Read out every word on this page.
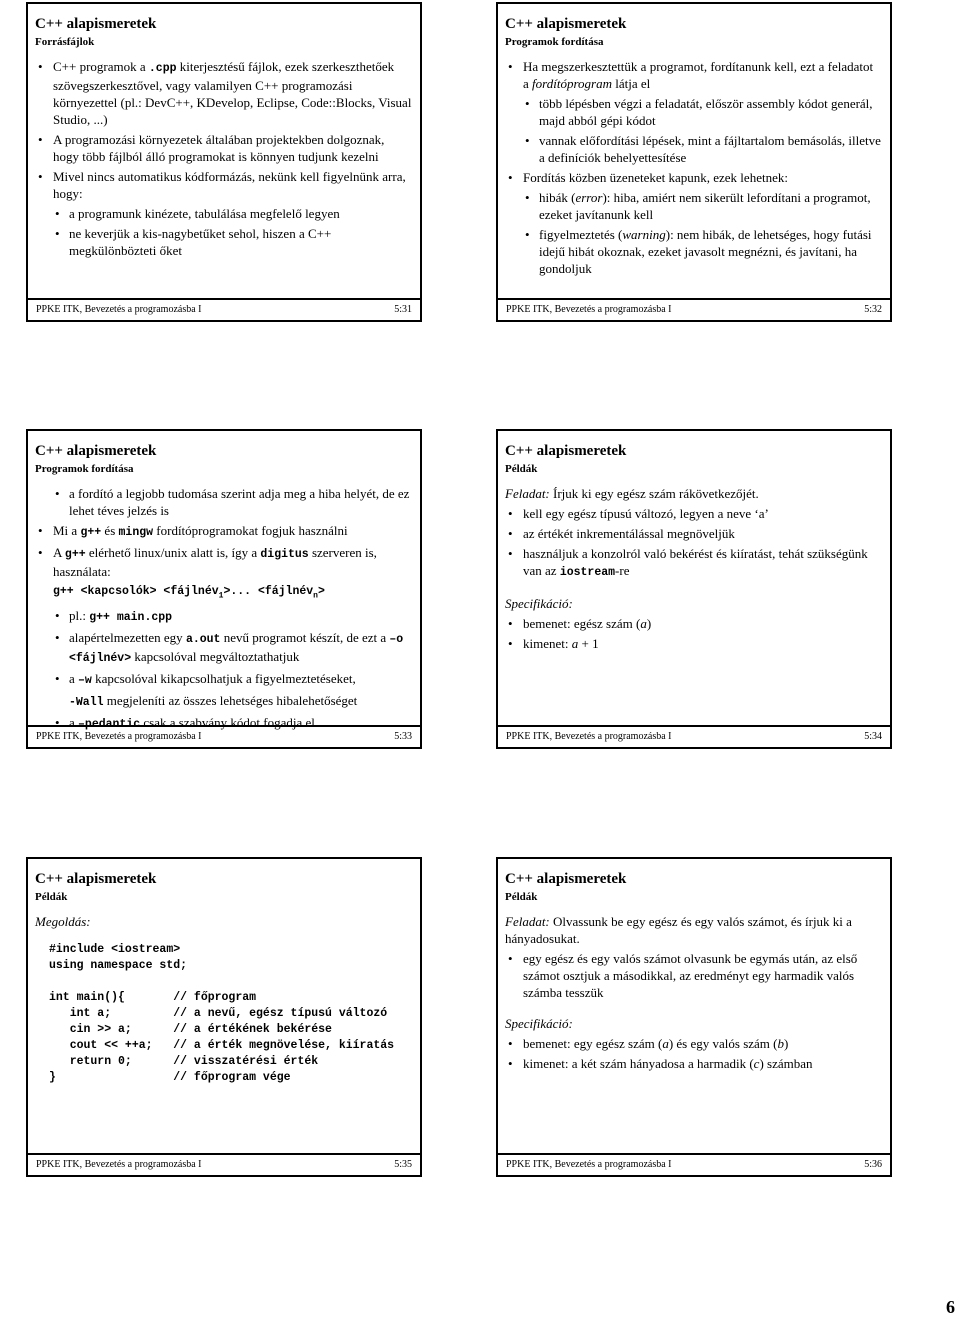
C++ alapismeretek
Forrásfájlok
• C++ programok a .cpp kiterjesztésű fájlok, ezek szerkeszthetőek szövegszerkesztővel, vagy valamilyen C++ programozási környezettel (pl.: DevC++, KDevelop, Eclipse, Code::Blocks, Visual Studio, ...)
• A programozási környezetek általában projektekben dolgoznak, hogy több fájlból álló programokat is könnyen tudjunk kezelni
• Mivel nincs automatikus kódformázás, nekünk kell figyelnünk arra, hogy:
• a programunk kinézete, tabulálása megfelelő legyen
• ne keverjük a kis-nagybetűket sehol, hiszen a C++ megkülönbözteti őket
PPKE ITK, Bevezetés a programozásba I	5:31
C++ alapismeretek
Programok fordítása
• Ha megszerkesztettük a programot, fordítanunk kell, ezt a feladatot a fordítóprogram látja el
• több lépésben végzi a feladatát, először assembly kódot generál, majd abból gépi kódot
• vannak előfordítási lépések, mint a fájltartalom bemásolás, illetve a definíciók behelyettesítése
• Fordítás közben üzeneteket kapunk, ezek lehetnek:
• hibák (error): hiba, amiért nem sikerült lefordítani a programot, ezeket javítanunk kell
• figyelmeztetés (warning): nem hibák, de lehetséges, hogy futási idejű hibát okoznak, ezeket javasolt megnézni, és javítani, ha gondoljuk
PPKE ITK, Bevezetés a programozásba I	5:32
C++ alapismeretek
Programok fordítása
• a fordító a legjobb tudomása szerint adja meg a hiba helyét, de ez lehet téves jelzés is
• Mi a g++ és mingw fordítóprogramokat fogjuk használni
• A g++ elérhető linux/unix alatt is, így a digitus szerveren is, használata:
g++ <kapcsolók> <fájlnév$_1$>... <fájlnév$_n$>
• pl.: g++ main.cpp
• alapértelmezetten egy a.out nevű programot készít, de ezt a –o <fájlnév> kapcsolóval megváltoztathatjuk
• a –w kapcsolóval kikapcsolhatjuk a figyelmeztetéseket,
-Wall megjeleníti az összes lehetséges hibalehetőséget
• a –pedantic csak a szabvány kódot fogadja el
PPKE ITK, Bevezetés a programozásba I	5:33
C++ alapismeretek
Példák
Feladat: Írjuk ki egy egész szám rákövetkezőjét.
• kell egy egész típusú változó, legyen a neve ‘a’
• az értékét inkrementálással megnöveljük
• használjuk a konzolról való bekérést és kiíratást, tehát szükségünk van az iostream-re
Specifikáció:
• bemenet: egész szám (a)
• kimenet: a + 1
PPKE ITK, Bevezetés a programozásba I	5:34
C++ alapismeretek
Példák
Megoldás:
#include <iostream>
using namespace std;

int main(){       // főprogram
int a;         // a nevű, egész típusú változó
cin >> a;      // a értékének bekérése
cout << ++a;   // a érték megnövelése, kiíratás
return 0;      // visszatérési érték
}                 // főprogram vége
PPKE ITK, Bevezetés a programozásba I	5:35
C++ alapismeretek
Példák
Feladat: Olvassunk be egy egész és egy valós számot, és írjuk ki a hányadosukat.
• egy egész és egy valós számot olvasunk be egymás után, az első számot osztjuk a másodikkal, az eredményt egy harmadik valós számba tesszük
Specifikáció:
• bemenet: egy egész szám (a) és egy valós szám (b)
• kimenet: a két szám hányadosa a harmadik (c) számban
PPKE ITK, Bevezetés a programozásba I	5:36
6
